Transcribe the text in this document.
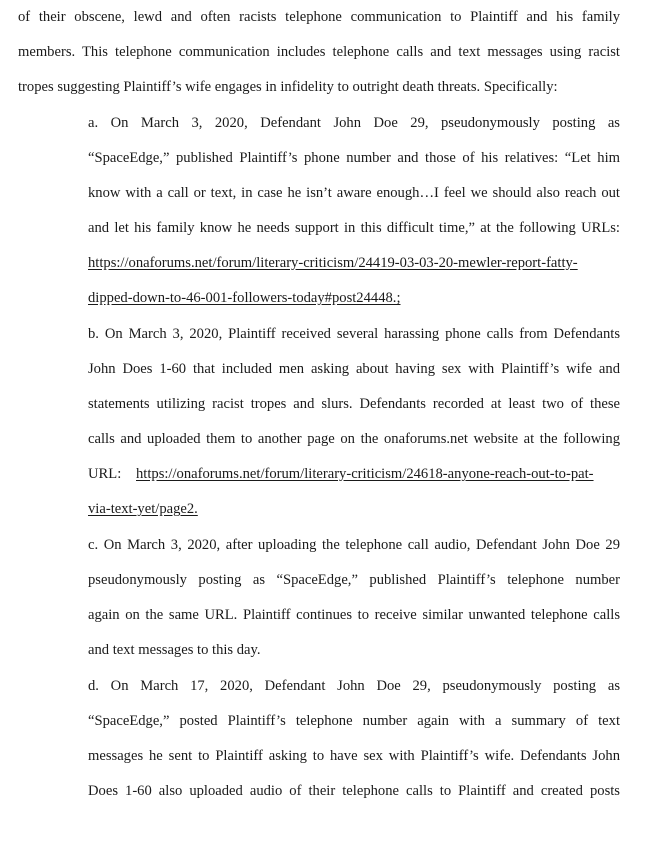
of their obscene, lewd and often racists telephone communication to Plaintiff and his family
members. This telephone communication includes telephone calls and text messages using racist
tropes suggesting Plaintiff’s wife engages in infidelity to outright death threats. Specifically:
a. On March 3, 2020, Defendant John Doe 29, pseudonymously posting as
“SpaceEdge,” published Plaintiff’s phone number and those of his relatives: “Let him
know with a call or text, in case he isn’t aware enough…I feel we should also reach out
and let his family know he needs support in this difficult time,” at the following URLs:
https://onaforums.net/forum/literary-criticism/24419-03-03-20-mewler-report-fatty-
dipped-down-to-46-001-followers-today#post24448.;
b. On March 3, 2020, Plaintiff received several harassing phone calls from Defendants
John Does 1-60 that included men asking about having sex with Plaintiff’s wife and
statements utilizing racist tropes and slurs. Defendants recorded at least two of these
calls and uploaded them to another page on the onaforums.net website at the following
URL: https://onaforums.net/forum/literary-criticism/24618-anyone-reach-out-to-pat-
via-text-yet/page2.
c. On March 3, 2020, after uploading the telephone call audio, Defendant John Doe 29
pseudonymously posting as “SpaceEdge,” published Plaintiff’s telephone number
again on the same URL. Plaintiff continues to receive similar unwanted telephone calls
and text messages to this day.
d. On March 17, 2020, Defendant John Doe 29, pseudonymously posting as
“SpaceEdge,” posted Plaintiff’s telephone number again with a summary of text
messages he sent to Plaintiff asking to have sex with Plaintiff’s wife. Defendants John
Does 1-60 also uploaded audio of their telephone calls to Plaintiff and created posts
